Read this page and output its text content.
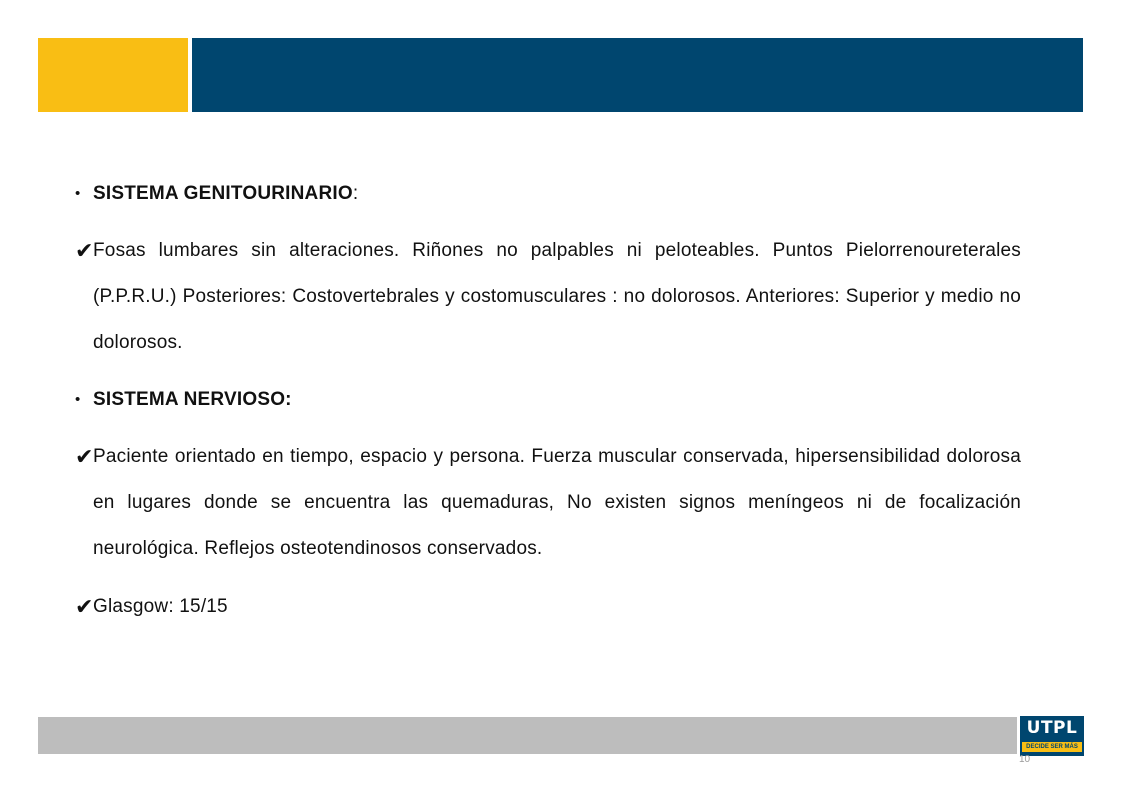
• SISTEMA GENITOURINARIO:
✔ Fosas lumbares sin alteraciones. Riñones no palpables ni peloteables. Puntos Pielorrenoureterales (P.P.R.U.) Posteriores: Costovertebrales y costomusculares : no dolorosos. Anteriores: Superior y medio no dolorosos.

• SISTEMA NERVIOSO:
✔ Paciente orientado en tiempo, espacio y persona. Fuerza muscular conservada, hipersensibilidad dolorosa en lugares donde se encuentra las quemaduras, No existen signos meníngeos ni de focalización neurológica. Reflejos osteotendinosos conservados.

✔ Glasgow: 15/15

UTPL
DECIDE SER MÁS
10
